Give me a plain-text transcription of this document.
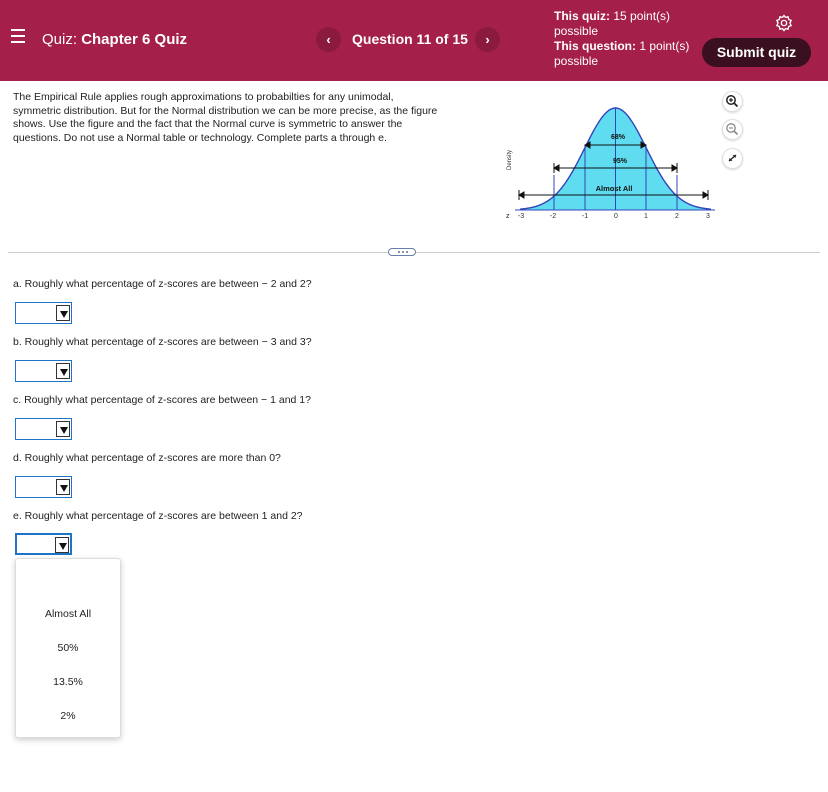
Quiz: Chapter 6 Quiz	‹	Question 11 of 15	›
This quiz: 15 point(s) possible
This question: 1 point(s) possible
Submit quiz
The Empirical Rule applies rough approximations to probabilties for any unimodal, symmetric distribution. But for the Normal distribution we can be more precise, as the figure shows. Use the figure and the fact that the Normal curve is symmetric to answer the questions. Do not use a Normal table or technology. Complete parts a through e.	68%
95%
Almost All
Density
z -3	-2	-1	0	1	2	3
a. Roughly what percentage of z-scores are between − 2 and 2?
b. Roughly what percentage of z-scores are between − 3 and 3?
c. Roughly what percentage of z-scores are between − 1 and 1?
d. Roughly what percentage of z-scores are more than 0?
e. Roughly what percentage of z-scores are between 1 and 2?
Almost All
50%
13.5%
2%
